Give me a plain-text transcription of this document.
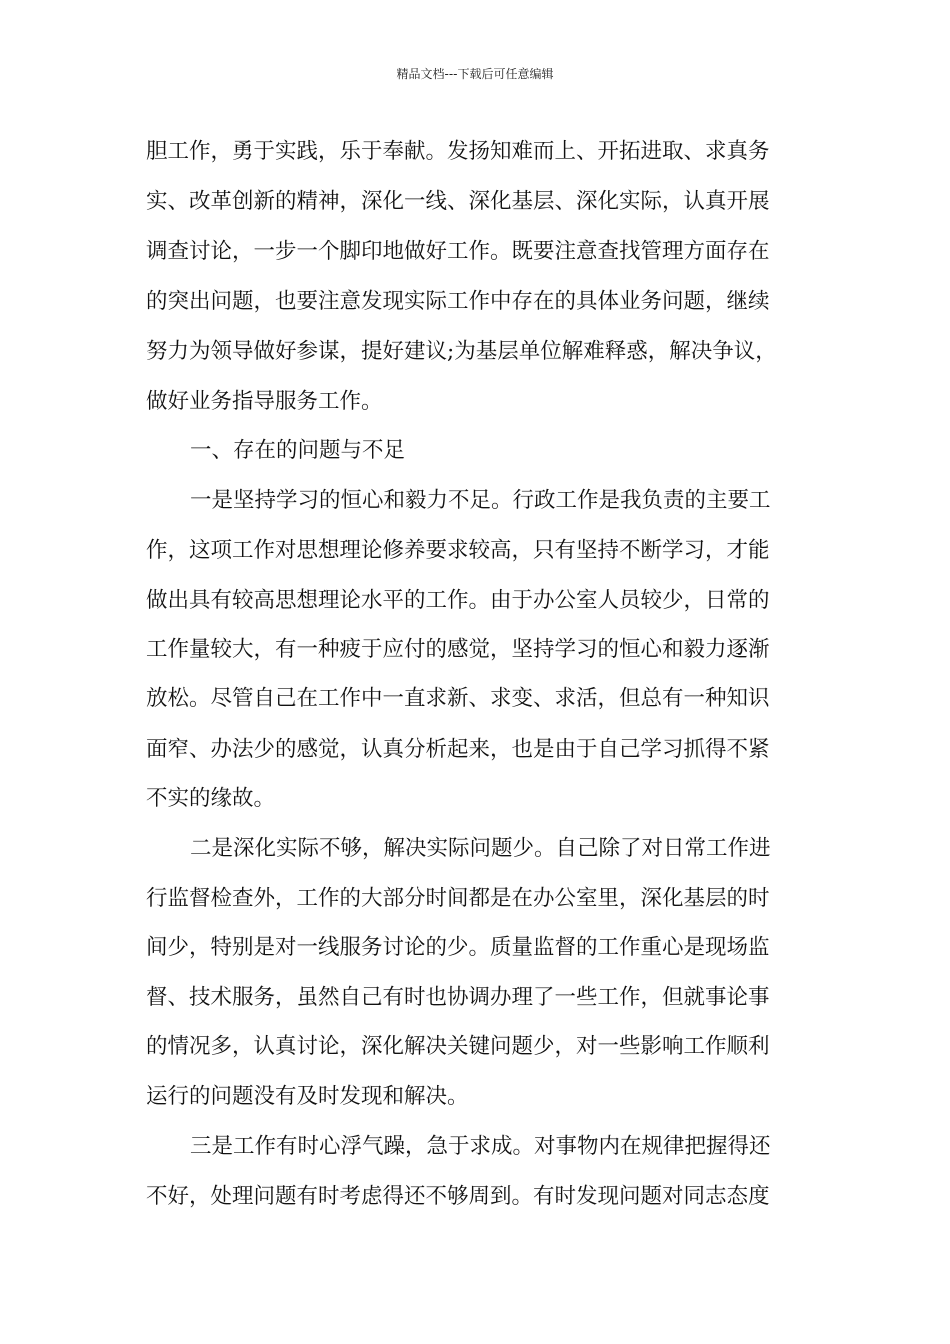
精品文档---下载后可任意编辑

胆工作，勇于实践，乐于奉献。发扬知难而上、开拓进取、求真务

实、改革创新的精神，深化一线、深化基层、深化实际，认真开展

调查讨论，一步一个脚印地做好工作。既要注意查找管理方面存在

的突出问题，也要注意发现实际工作中存在的具体业务问题，继续

努力为领导做好参谋，提好建议;为基层单位解难释惑，解决争议，

做好业务指导服务工作。

一、存在的问题与不足

一是坚持学习的恒心和毅力不足。行政工作是我负责的主要工

作，这项工作对思想理论修养要求较高，只有坚持不断学习，才能

做出具有较高思想理论水平的工作。由于办公室人员较少，日常的

工作量较大，有一种疲于应付的感觉，坚持学习的恒心和毅力逐渐

放松。尽管自己在工作中一直求新、求变、求活，但总有一种知识

面窄、办法少的感觉，认真分析起来，也是由于自己学习抓得不紧

不实的缘故。

二是深化实际不够，解决实际问题少。自己除了对日常工作进

行监督检查外，工作的大部分时间都是在办公室里，深化基层的时

间少，特别是对一线服务讨论的少。质量监督的工作重心是现场监

督、技术服务，虽然自己有时也协调办理了一些工作，但就事论事

的情况多，认真讨论，深化解决关键问题少，对一些影响工作顺利

运行的问题没有及时发现和解决。

三是工作有时心浮气躁，急于求成。对事物内在规律把握得还

不好，处理问题有时考虑得还不够周到。有时发现问题对同志态度
